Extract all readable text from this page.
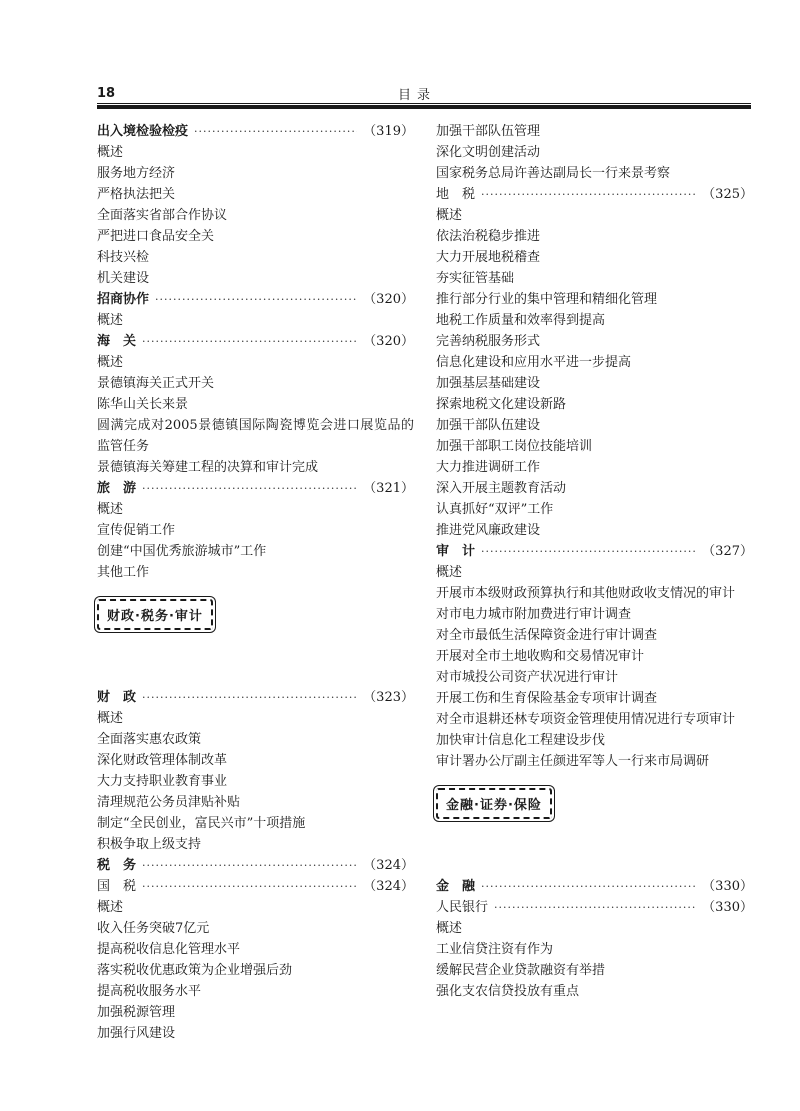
18	目录
出入境检验检疫 ·····	（319）
概述
服务地方经济
严格执法把关
全面落实省部合作协议
严把进口食品安全关
科技兴检
机关建设
招商协作 ·····	（320）
概述
海　关 ·····	（320）
概述
景德镇海关正式开关
陈华山关长来景
圆满完成对2005景德镇国际陶瓷博览会进口展览品的监管任务
景德镇海关筹建工程的决算和审计完成
旅　游 ·····	（321）
概述
宣传促销工作
创建“中国优秀旅游城市”工作
其他工作
财政·税务·审计
财　政 ·····	（323）
概述
全面落实惠农政策
深化财政管理体制改革
大力支持职业教育事业
清理规范公务员津贴补贴
制定“全民创业，富民兴市”十项措施
积极争取上级支持
税　务 ·····	（324）
国　税 ·····	（324）
概述
收入任务突破7亿元
提高税收信息化管理水平
落实税收优惠政策为企业增强后劲
提高税收服务水平
加强税源管理
加强行风建设
加强干部队伍管理
深化文明创建活动
国家税务总局许善达副局长一行来景考察
地　税 ·····	（325）
概述
依法治税稳步推进
大力开展地税稽查
夯实征管基础
推行部分行业的集中管理和精细化管理
地税工作质量和效率得到提高
完善纳税服务形式
信息化建设和应用水平进一步提高
加强基层基础建设
探索地税文化建设新路
加强干部队伍建设
加强干部职工岗位技能培训
大力推进调研工作
深入开展主题教育活动
认真抓好“双评”工作
推进党风廉政建设
审　计 ·····	（327）
概述
开展市本级财政预算执行和其他财政收支情况的审计
对市电力城市附加费进行审计调查
对全市最低生活保障资金进行审计调查
开展对全市土地收购和交易情况审计
对市城投公司资产状况进行审计
开展工伤和生育保险基金专项审计调查
对全市退耕还林专项资金管理使用情况进行专项审计
加快审计信息化工程建设步伐
审计署办公厅副主任颜进军等人一行来市局调研
金融·证券·保险
金　融 ·····	（330）
人民银行 ·····	（330）
概述
工业信贷注资有作为
缓解民营企业贷款融资有举措
强化支农信贷投放有重点
